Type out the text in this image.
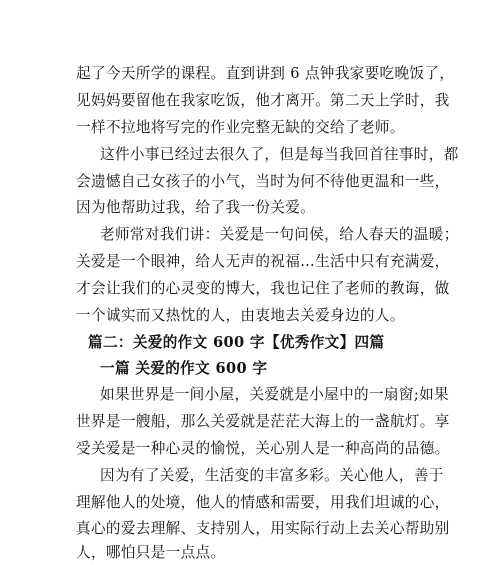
起了今天所学的课程。直到讲到 6 点钟我家要吃晚饭了，
见妈妈要留他在我家吃饭，他才离开。第二天上学时，我
一样不拉地将写完的作业完整无缺的交给了老师。
这件小事已经过去很久了，但是每当我回首往事时，都
会遗憾自己女孩子的小气，当时为何不待他更温和一些，
因为他帮助过我，给了我一份关爱。
老师常对我们讲：关爱是一句问侯，给人春天的温暖；
关爱是一个眼神，给人无声的祝福…生活中只有充满爱，
才会让我们的心灵变的博大，我也记住了老师的教诲，做
一个诚实而又热忱的人，由衷地去关爱身边的人。
篇二：关爱的作文 600 字【优秀作文】四篇
一篇 关爱的作文 600 字
如果世界是一间小屋，关爱就是小屋中的一扇窗;如果
世界是一艘船，那么关爱就是茫茫大海上的一盏航灯。享
受关爱是一种心灵的愉悦，关心别人是一种高尚的品德。
因为有了关爱，生活变的丰富多彩。关心他人，善于
理解他人的处境，他人的情感和需要，用我们坦诚的心，
真心的爱去理解、支持别人，用实际行动上去关心帮助别
人，哪怕只是一点点。
